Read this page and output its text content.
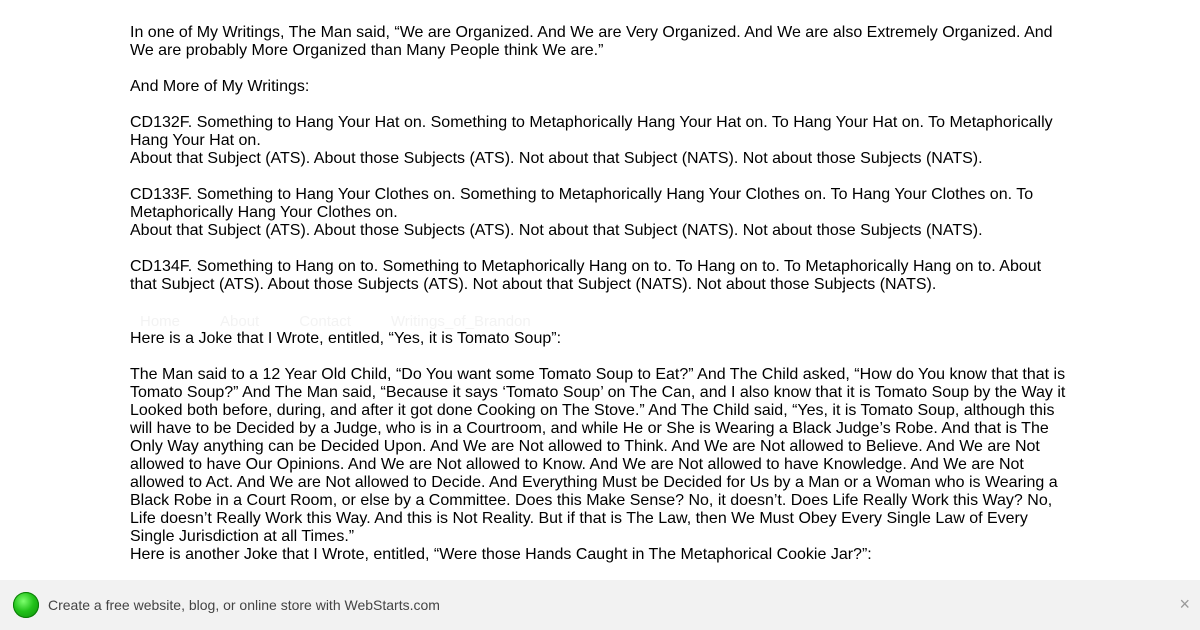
In one of My Writings, The Man said, “We are Organized. And We are Very Organized. And We are also Extremely Organized. And We are probably More Organized than Many People think We are.”

And More of My Writings:

CD132F. Something to Hang Your Hat on. Something to Metaphorically Hang Your Hat on. To Hang Your Hat on. To Metaphorically Hang Your Hat on.

About that Subject (ATS). About those Subjects (ATS). Not about that Subject (NATS). Not about those Subjects (NATS).

CD133F. Something to Hang Your Clothes on. Something to Metaphorically Hang Your Clothes on. To Hang Your Clothes on. To Metaphorically Hang Your Clothes on.

About that Subject (ATS). About those Subjects (ATS). Not about that Subject (NATS). Not about those Subjects (NATS).

CD134F. Something to Hang on to. Something to Metaphorically Hang on to. To Hang on to. To Metaphorically Hang on to. About that Subject (ATS). About those Subjects (ATS). Not about that Subject (NATS). Not about those Subjects (NATS).

Home	About	Contact	Writings_of_Brandon

Here is a Joke that I Wrote, entitled, “Yes, it is Tomato Soup”:

The Man said to a 12 Year Old Child, “Do You want some Tomato Soup to Eat?” And The Child asked, “How do You know that that is Tomato Soup?” And The Man said, “Because it says ‘Tomato Soup’ on The Can, and I also know that it is Tomato Soup by the Way it Looked both before, during, and after it got done Cooking on The Stove.” And The Child said, “Yes, it is Tomato Soup, although this will have to be Decided by a Judge, who is in a Courtroom, and while He or She is Wearing a Black Judge’s Robe. And that is The Only Way anything can be Decided Upon. And We are Not allowed to Think. And We are Not allowed to Believe. And We are Not allowed to have Our Opinions. And We are Not allowed to Know. And We are Not allowed to have Knowledge. And We are Not allowed to Act. And We are Not allowed to Decide. And Everything Must be Decided for Us by a Man or a Woman who is Wearing a Black Robe in a Court Room, or else by a Committee. Does this Make Sense? No, it doesn’t. Does Life Really Work this Way? No, Life doesn’t Really Work this Way. And this is Not Reality. But if that is The Law, then We Must Obey Every Single Law of Every Single Jurisdiction at all Times.”

Here is another Joke that I Wrote, entitled, “Were those Hands Caught in The Metaphorical Cookie Jar?”:

Create a free website, blog, or online store with WebStarts.com	×
